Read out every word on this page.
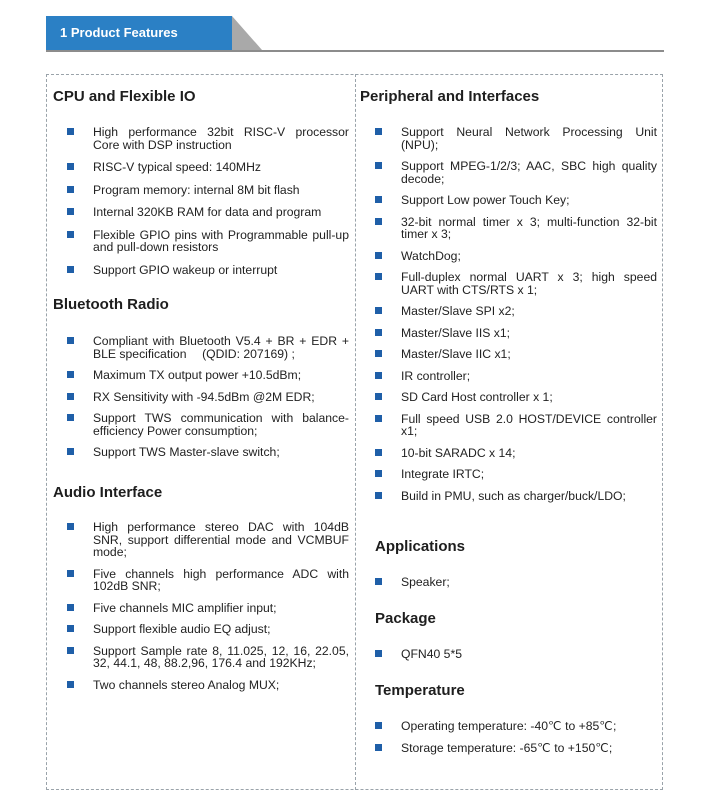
1 Product Features
CPU and Flexible IO
High performance 32bit RISC-V processor Core with DSP instruction
RISC-V typical speed: 140MHz
Program memory: internal 8M bit flash
Internal 320KB RAM for data and program
Flexible GPIO pins with Programmable pull-up and pull-down resistors
Support GPIO wakeup or interrupt
Bluetooth Radio
Compliant with Bluetooth V5.4 + BR + EDR + BLE specification 　(QDID: 207169) ;
Maximum TX output power +10.5dBm;
RX Sensitivity with -94.5dBm @2M EDR;
Support TWS communication with balance-efficiency Power consumption;
Support TWS Master-slave switch;
Audio Interface
High performance stereo DAC with 104dB SNR, support differential mode and VCMBUF mode;
Five channels high performance ADC with 102dB SNR;
Five channels MIC amplifier input;
Support flexible audio EQ adjust;
Support Sample rate 8, 11.025, 12, 16, 22.05, 32, 44.1, 48, 88.2,96, 176.4 and 192KHz;
Two channels stereo Analog MUX;
Peripheral and Interfaces
Support Neural Network Processing Unit (NPU);
Support MPEG-1/2/3; AAC, SBC high quality decode;
Support Low power Touch Key;
32-bit normal timer x 3; multi-function 32-bit timer x 3;
WatchDog;
Full-duplex normal UART x 3; high speed UART with CTS/RTS x 1;
Master/Slave SPI x2;
Master/Slave IIS x1;
Master/Slave IIC x1;
IR controller;
SD Card Host controller x 1;
Full speed USB 2.0 HOST/DEVICE controller x1;
10-bit SARADC x 14;
Integrate IRTC;
Build in PMU, such as charger/buck/LDO;
Applications
Speaker;
Package
QFN40 5*5
Temperature
Operating temperature: -40℃ to +85℃;
Storage temperature: -65℃ to +150℃;
